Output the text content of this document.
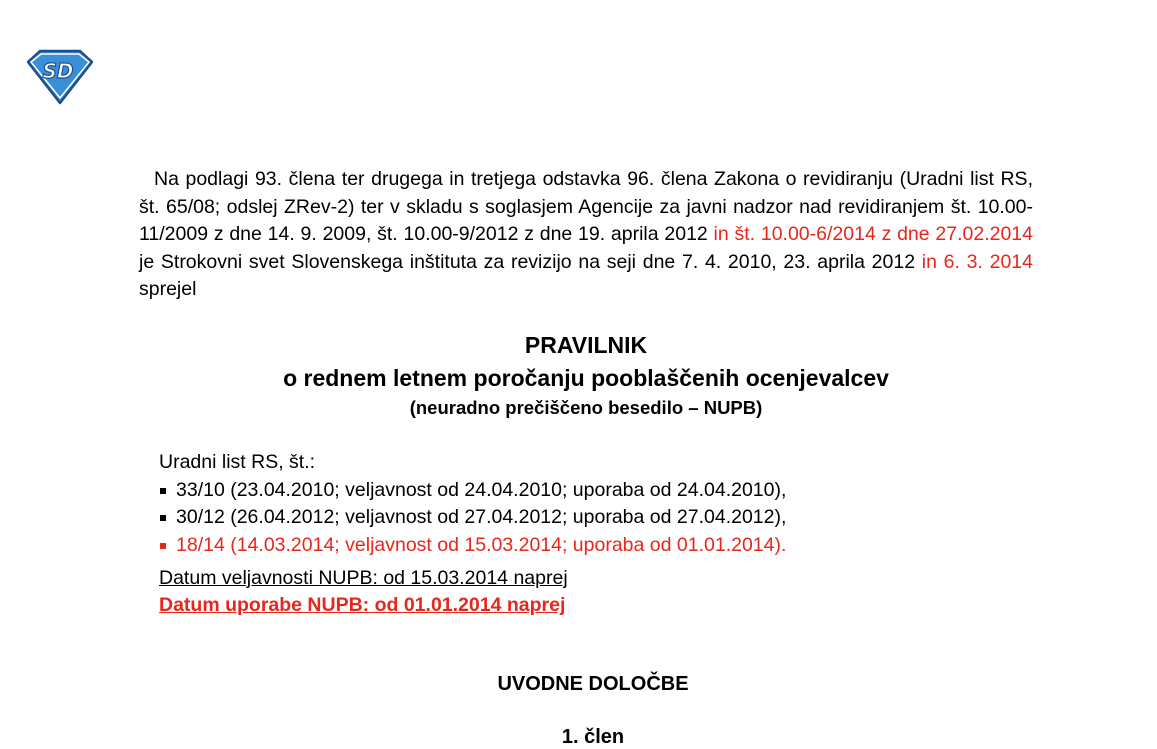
SD
Na podlagi 93. člena ter drugega in tretjega odstavka 96. člena Zakona o revidiranju (Uradni list RS, št. 65/08; odslej ZRev-2) ter v skladu s soglasjem Agencije za javni nadzor nad revidiranjem št. 10.00-11/2009 z dne 14. 9. 2009, št. 10.00-9/2012 z dne 19. aprila 2012 in št. 10.00-6/2014 z dne 27.02.2014 je Strokovni svet Slovenskega inštituta za revizijo na seji dne 7. 4. 2010, 23. aprila 2012 in 6. 3. 2014 sprejel
PRAVILNIK
o rednem letnem poročanju pooblaščenih ocenjevalcev
(neuradno prečiščeno besedilo – NUPB)
Uradni list RS, št.:
33/10 (23.04.2010; veljavnost od 24.04.2010; uporaba od 24.04.2010),
30/12 (26.04.2012; veljavnost od 27.04.2012; uporaba od 27.04.2012),
18/14 (14.03.2014; veljavnost od 15.03.2014; uporaba od 01.01.2014).
Datum veljavnosti NUPB: od 15.03.2014 naprej
Datum uporabe NUPB: od 01.01.2014 naprej
UVODNE DOLOČBE
1. člen
